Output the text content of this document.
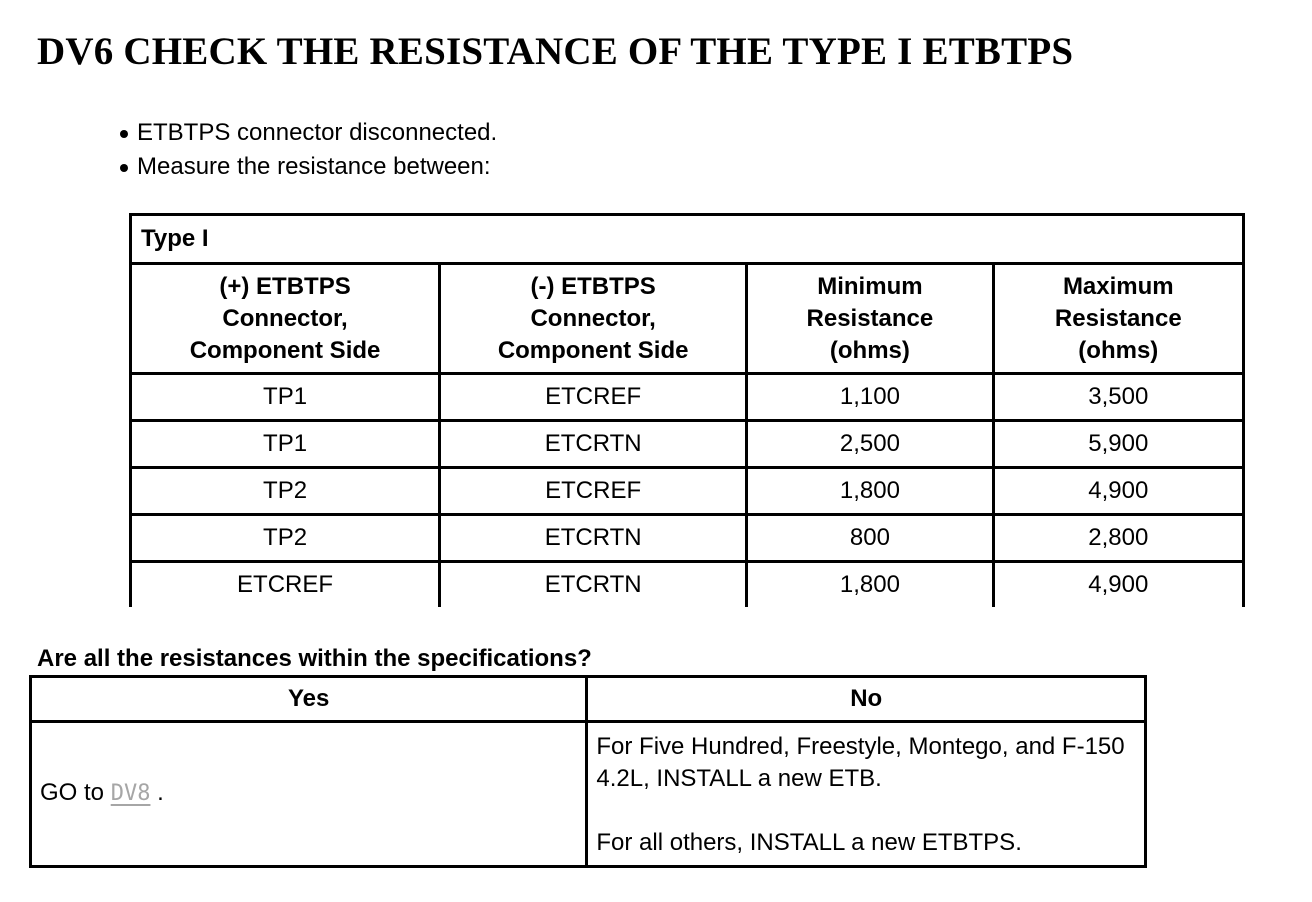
DV6 CHECK THE RESISTANCE OF THE TYPE I ETBTPS
ETBTPS connector disconnected.
Measure the resistance between:
Type I			
(+) ETBTPS
Connector,
Component Side	(-) ETBTPS
Connector,
Component Side	Minimum
Resistance
(ohms)	Maximum
Resistance
(ohms)
TP1	ETCREF	1,100	3,500
TP1	ETCRTN	2,500	5,900
TP2	ETCREF	1,800	4,900
TP2	ETCRTN	800	2,800
ETCREF	ETCRTN	1,800	4,900

Are all the resistances within the specifications?

Yes	No

GO to DV8 .	For Five Hundred, Freestyle, Montego, and F-150 4.2L, INSTALL a new ETB.

For all others, INSTALL a new ETBTPS.
